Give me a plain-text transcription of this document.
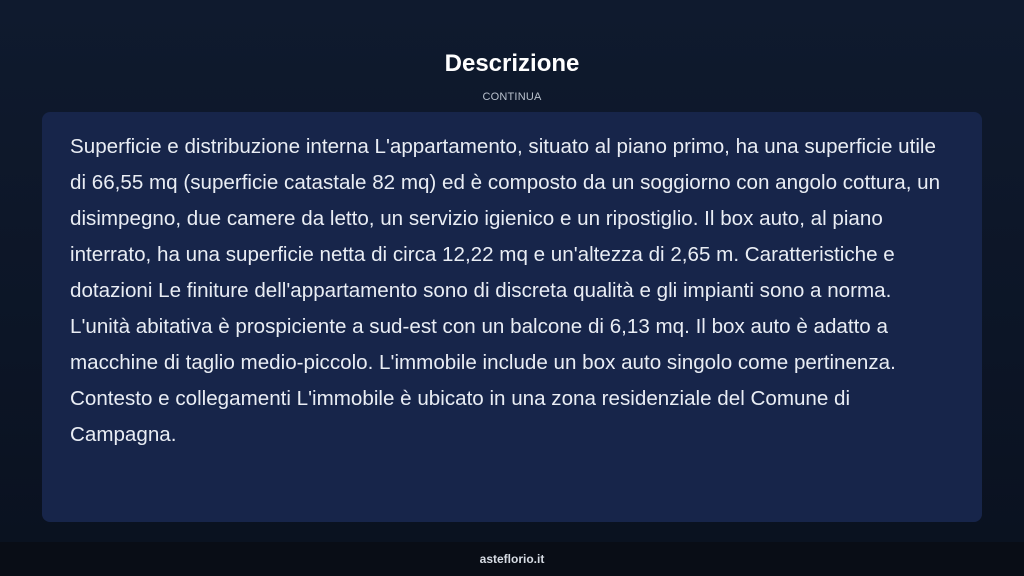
Descrizione
CONTINUA

Superficie e distribuzione interna L'appartamento, situato al piano primo, ha una superficie utile di 66,55 mq (superficie catastale 82 mq) ed è composto da un soggiorno con angolo cottura, un disimpegno, due camere da letto, un servizio igienico e un ripostiglio. Il box auto, al piano interrato, ha una superficie netta di circa 12,22 mq e un'altezza di 2,65 m. Caratteristiche e dotazioni Le finiture dell'appartamento sono di discreta qualità e gli impianti sono a norma. L'unità abitativa è prospiciente a sud-est con un balcone di 6,13 mq. Il box auto è adatto a macchine di taglio medio-piccolo. L'immobile include un box auto singolo come pertinenza. Contesto e collegamenti L'immobile è ubicato in una zona residenziale del Comune di Campagna.

asteflorio.it
